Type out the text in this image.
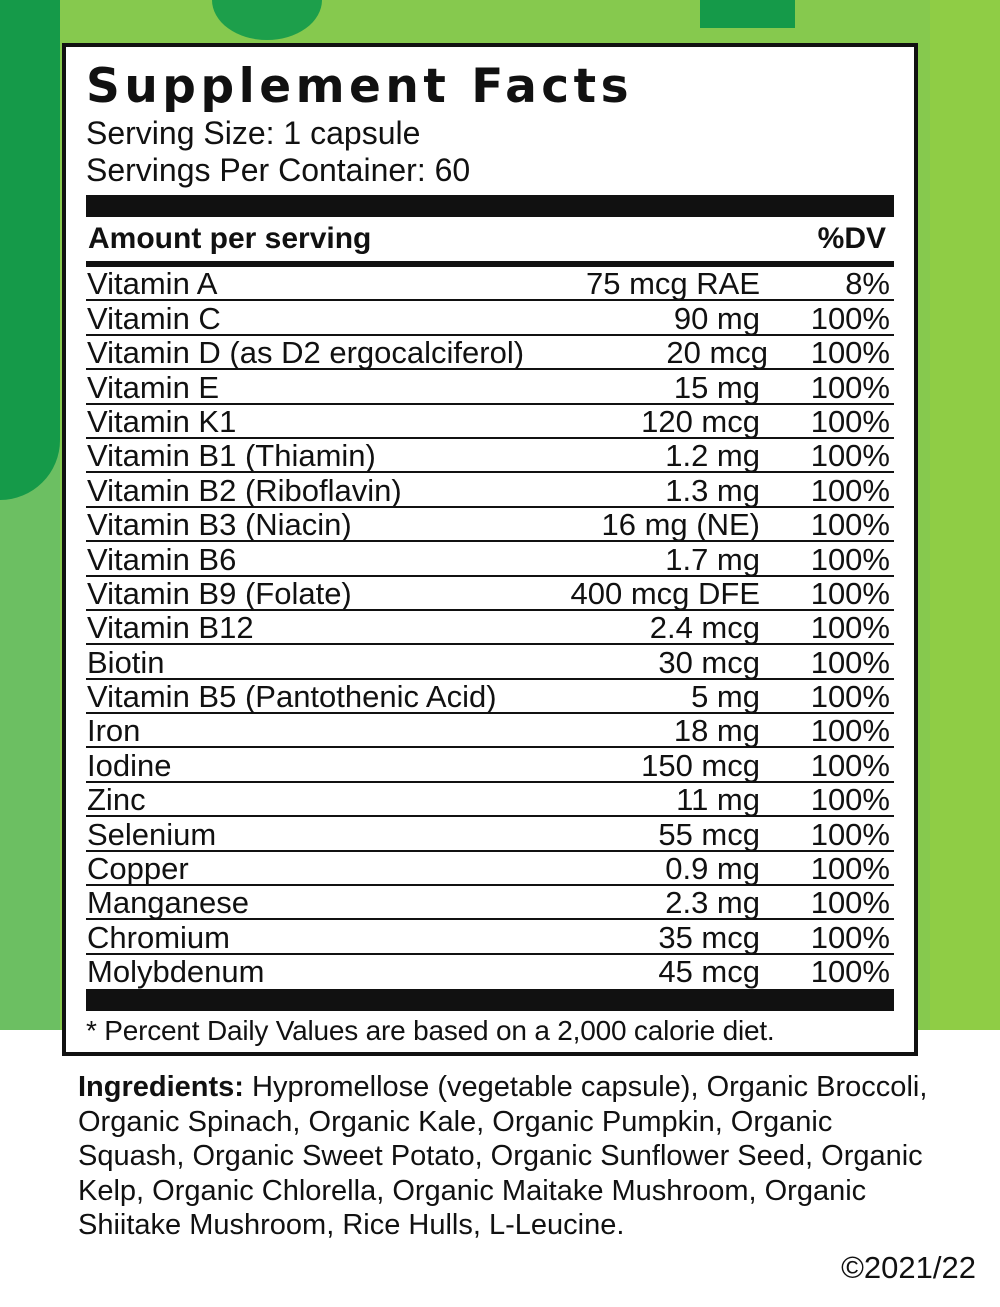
Supplement Facts
Serving Size: 1 capsule
Servings Per Container: 60
Amount per serving	%DV
Vitamin A	75 mcg RAE	8%
Vitamin C	90 mg	100%
Vitamin D (as D2 ergocalciferol)	20 mcg	100%
Vitamin E	15 mg	100%
Vitamin K1	120 mcg	100%
Vitamin B1 (Thiamin)	1.2 mg	100%
Vitamin B2 (Riboflavin)	1.3 mg	100%
Vitamin B3 (Niacin)	16 mg (NE)	100%
Vitamin B6	1.7 mg	100%
Vitamin B9 (Folate)	400 mcg DFE	100%
Vitamin B12	2.4 mcg	100%
Biotin	30 mcg	100%
Vitamin B5 (Pantothenic Acid)	5 mg	100%
Iron	18 mg	100%
Iodine	150 mcg	100%
Zinc	11 mg	100%
Selenium	55 mcg	100%
Copper	0.9 mg	100%
Manganese	2.3 mg	100%
Chromium	35 mcg	100%
Molybdenum	45 mcg	100%
* Percent Daily Values are based on a 2,000 calorie diet.
Ingredients: Hypromellose (vegetable capsule), Organic Broccoli, Organic Spinach, Organic Kale, Organic Pumpkin, Organic Squash, Organic Sweet Potato, Organic Sunflower Seed, Organic Kelp, Organic Chlorella, Organic Maitake Mushroom, Organic Shiitake Mushroom, Rice Hulls, L-Leucine.
©2021/22
